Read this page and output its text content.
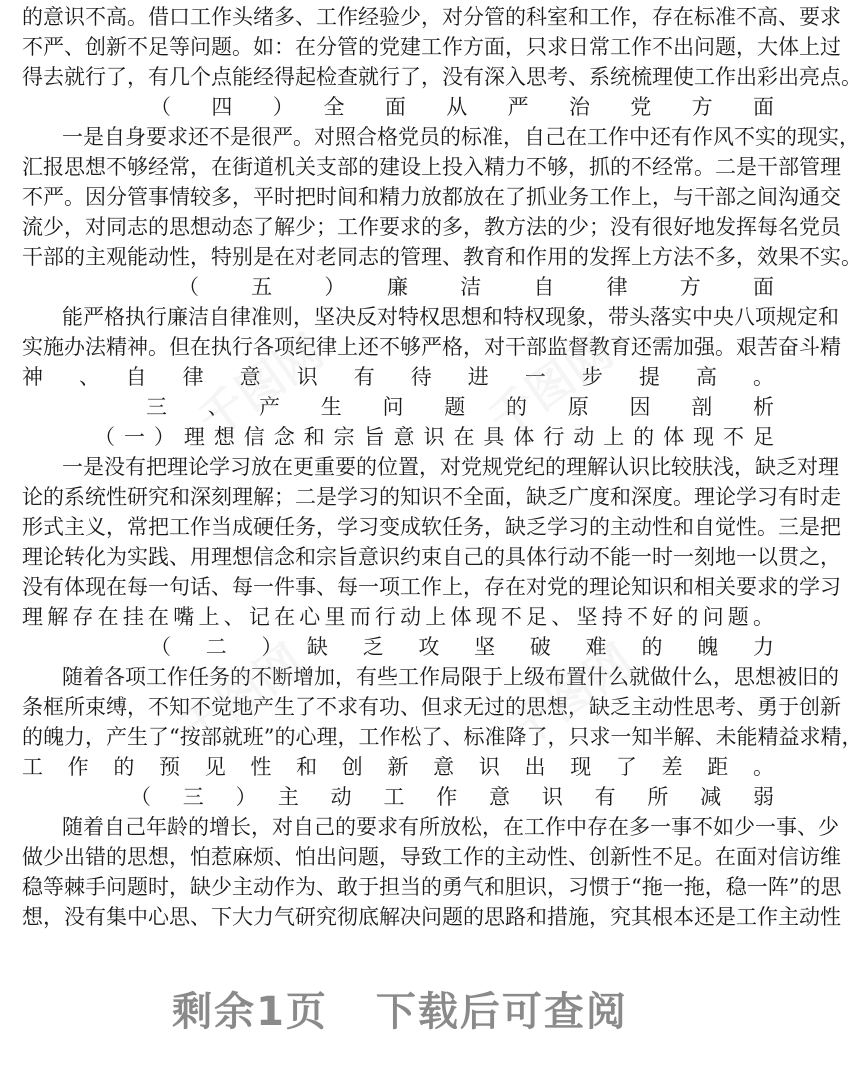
的意识不高。借口工作头绪多、工作经验少，对分管的科室和工作，存在标准不高、要求
不严、创新不足等问题。如：在分管的党建工作方面，只求日常工作不出问题，大体上过
得去就行了，有几个点能经得起检查就行了，没有深入思考、系统梳理使工作出彩出亮点。
（　四　）　全　面　从　严　治　党　方　面
一是自身要求还不是很严。对照合格党员的标准，自己在工作中还有作风不实的现实，
汇报思想不够经常，在街道机关支部的建设上投入精力不够，抓的不经常。二是干部管理
不严。因分管事情较多，平时把时间和精力放都放在了抓业务工作上，与干部之间沟通交
流少，对同志的思想动态了解少；工作要求的多，教方法的少；没有很好地发挥每名党员
干部的主观能动性，特别是在对老同志的管理、教育和作用的发挥上方法不多，效果不实。
（　五　）　廉　洁　自　律　方　面
能严格执行廉洁自律准则，坚决反对特权思想和特权现象，带头落实中央八项规定和
实施办法精神。但在执行各项纪律上还不够严格，对干部监督教育还需加强。艰苦奋斗精
神　、　自　律　意　识　有　待　进　一　步　提　高　。
三　、　产　生　问　题　的　原　因　剖　析
（一）理想信念和宗旨意识在具体行动上的体现不足
一是没有把理论学习放在更重要的位置，对党规党纪的理解认识比较肤浅，缺乏对理
论的系统性研究和深刻理解；二是学习的知识不全面，缺乏广度和深度。理论学习有时走
形式主义，常把工作当成硬任务，学习变成软任务，缺乏学习的主动性和自觉性。三是把
理论转化为实践、用理想信念和宗旨意识约束自己的具体行动不能一时一刻地一以贯之，
没有体现在每一句话、每一件事、每一项工作上，存在对党的理论知识和相关要求的学习
理解存在挂在嘴上、记在心里而行动上体现不足、坚持不好的问题。
（　二　）　缺　乏　攻　坚　破　难　的　魄　力
随着各项工作任务的不断增加，有些工作局限于上级布置什么就做什么，思想被旧的
条框所束缚，不知不觉地产生了不求有功、但求无过的思想，缺乏主动性思考、勇于创新
的魄力，产生了“按部就班”的心理，工作松了、标准降了，只求一知半解、未能精益求精，
工　作　的　预　见　性　和　创　新　意　识　出　现　了　差　距　。
（　三　）　主　动　工　作　意　识　有　所　减　弱
随着自己年龄的增长，对自己的要求有所放松，在工作中存在多一事不如少一事、少
做少出错的思想，怕惹麻烦、怕出问题，导致工作的主动性、创新性不足。在面对信访维
稳等棘手问题时，缺少主动作为、敢于担当的勇气和胆识，习惯于“拖一拖，稳一阵”的思
想，没有集中心思、下大力气研究彻底解决问题的思路和措施，究其根本还是工作主动性
千图网	千图网
千图网	千图网
剩余1页 下载后可查阅
